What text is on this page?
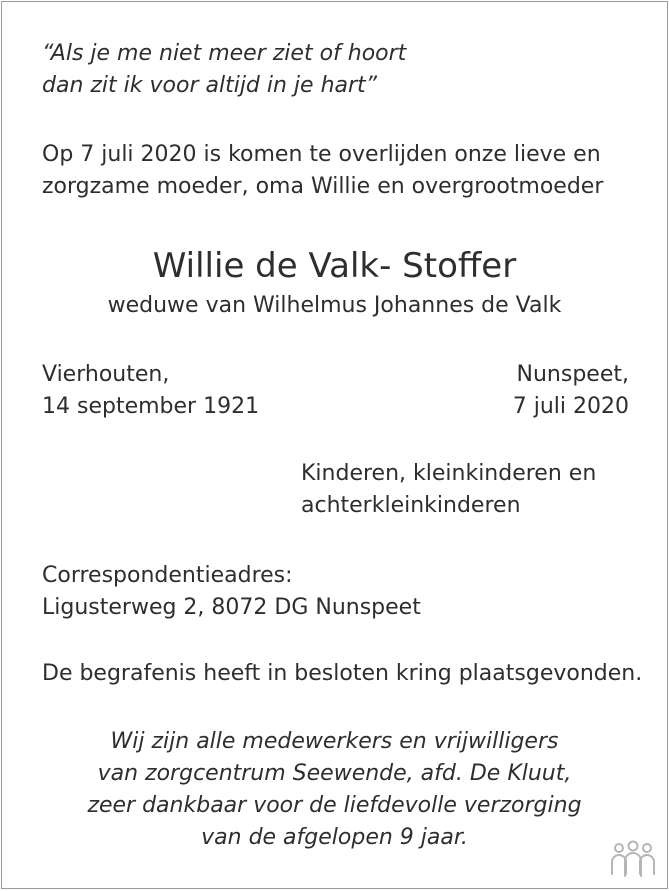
“Als je me niet meer ziet of hoort
dan zit ik voor altijd in je hart”
Op 7 juli 2020 is komen te overlijden onze lieve en
zorgzame moeder, oma Willie en overgrootmoeder
Willie de Valk- Stoffer
weduwe van Wilhelmus Johannes de Valk
Vierhouten,
14 september 1921
Nunspeet,
7 juli 2020
Kinderen, kleinkinderen en
achterkleinkinderen
Correspondentieadres:
Ligusterweg 2, 8072 DG Nunspeet
De begrafenis heeft in besloten kring plaatsgevonden.
Wij zijn alle medewerkers en vrijwilligers
van zorgcentrum Seewende, afd. De Kluut,
zeer dankbaar voor de liefdevolle verzorging
van de afgelopen 9 jaar.
